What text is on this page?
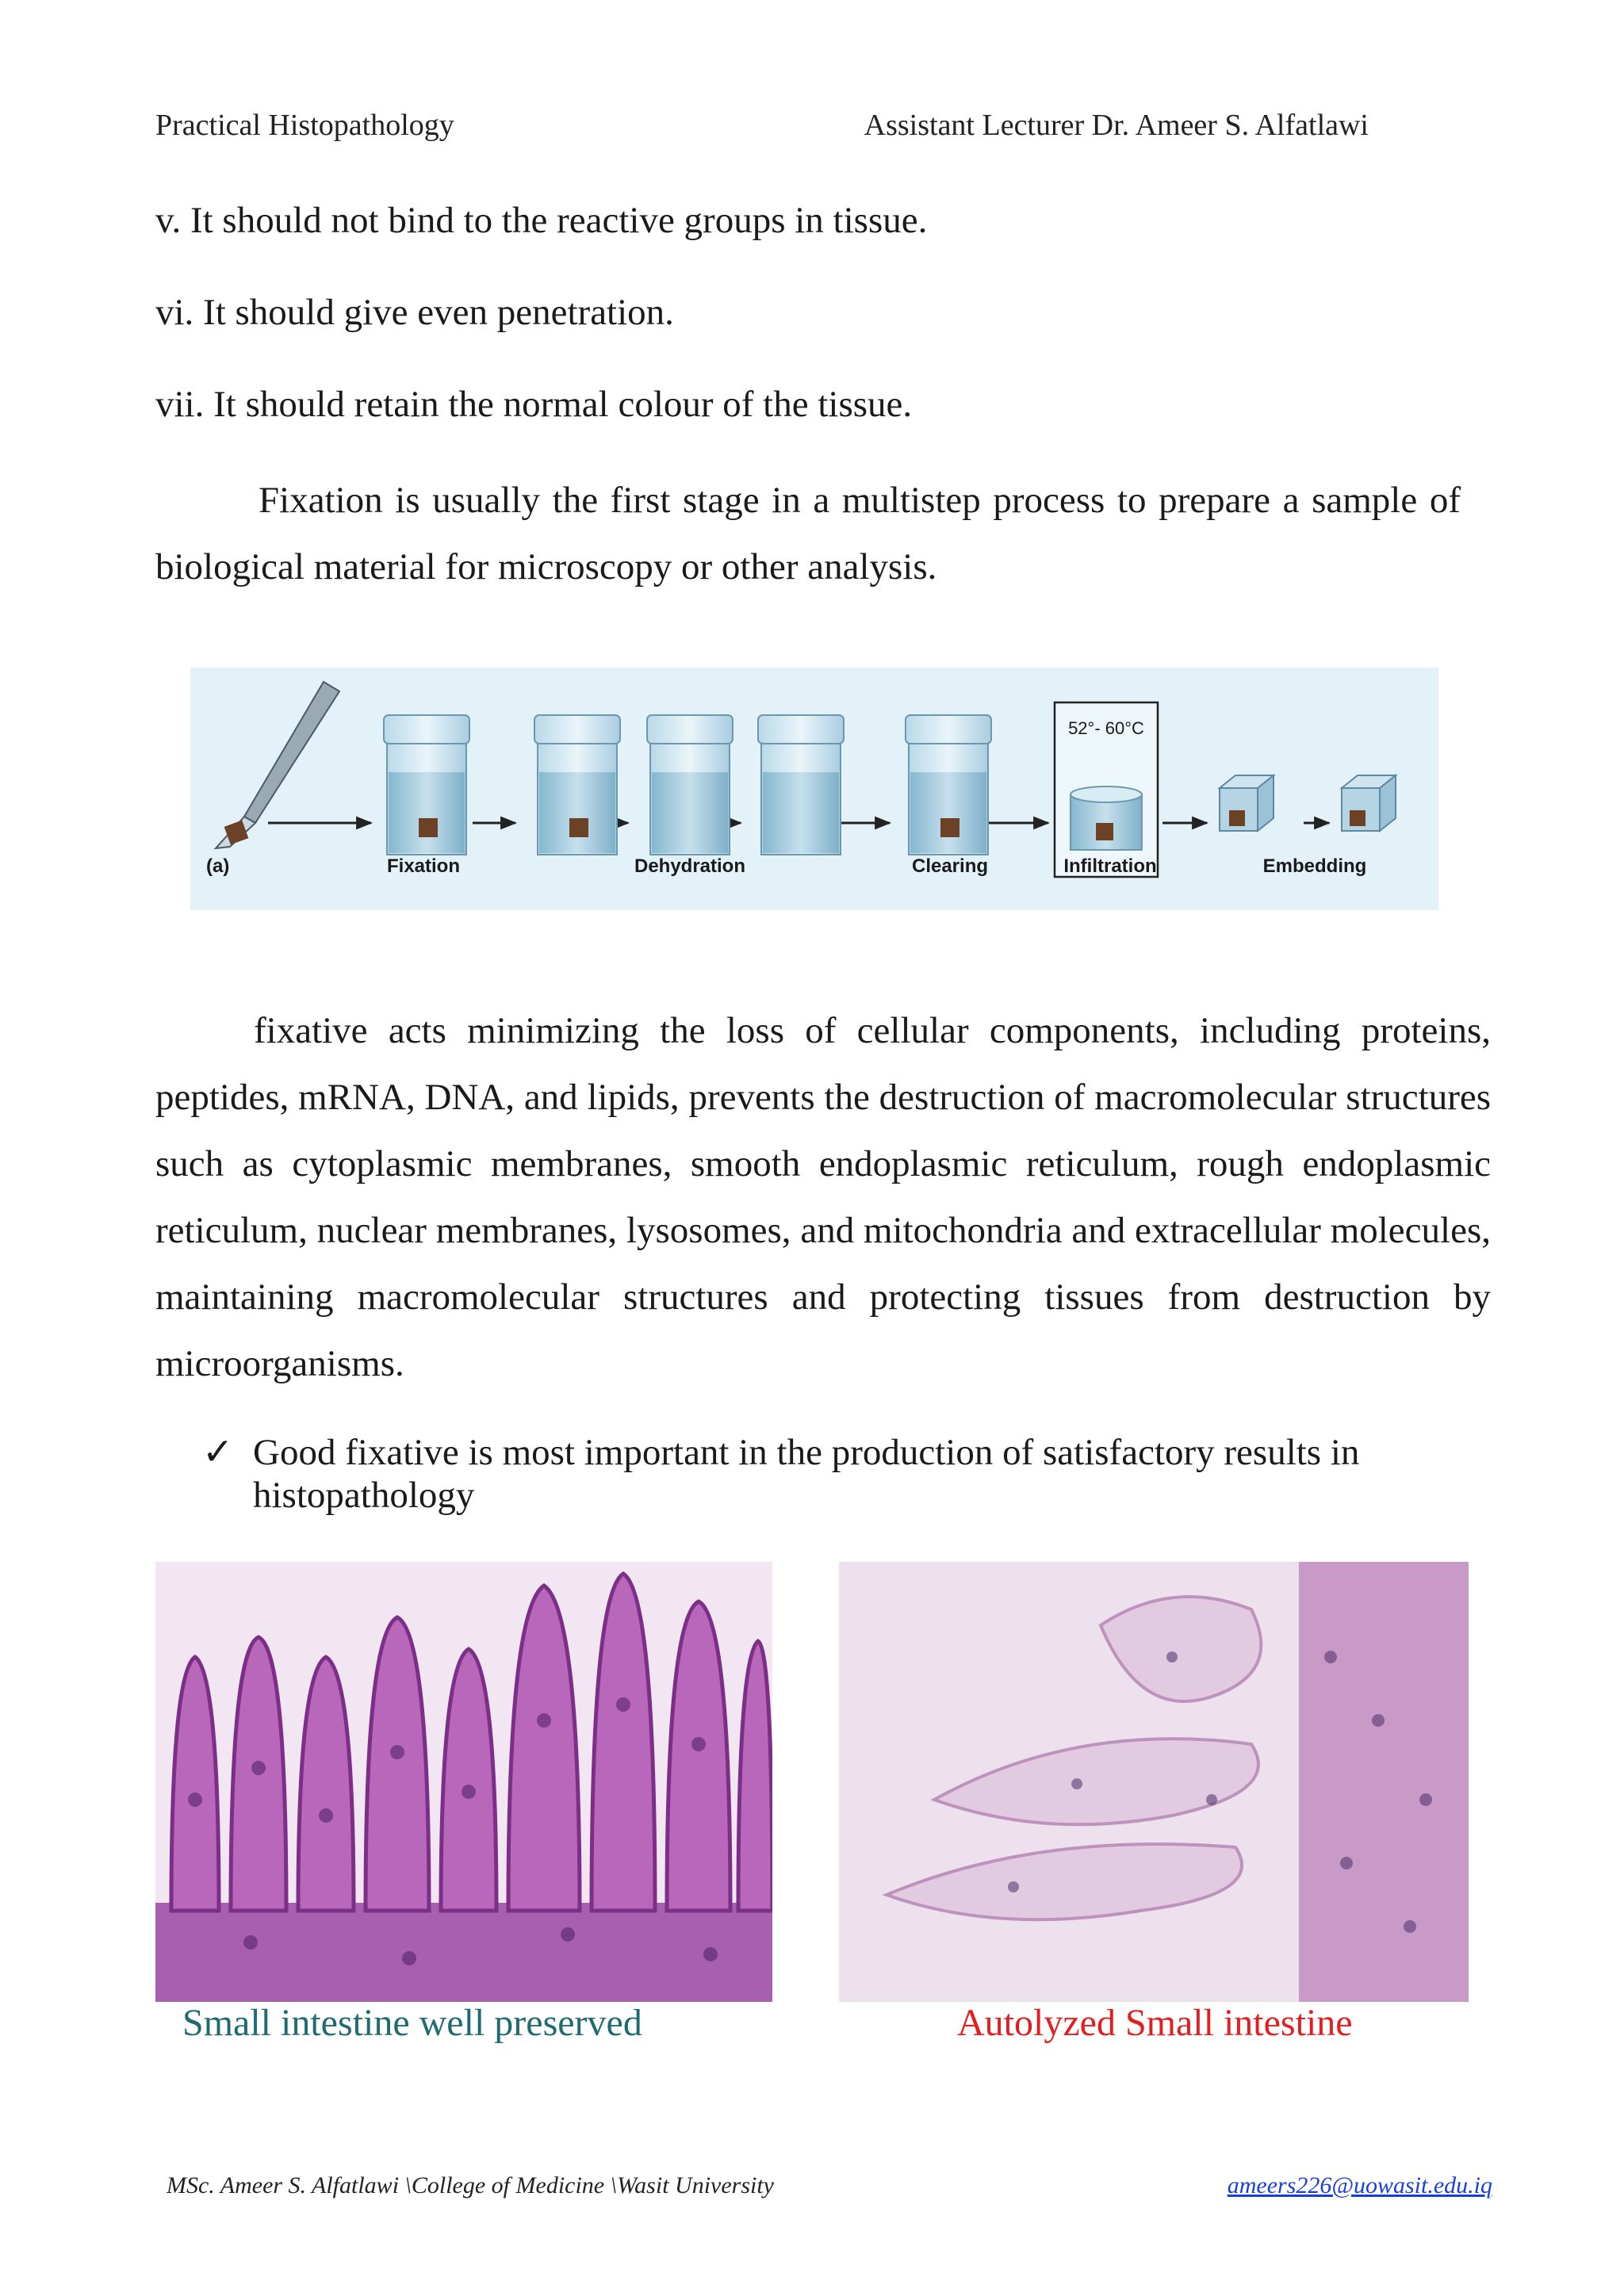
Practical Histopathology	Assistant Lecturer Dr. Ameer S. Alfatlawi

v. It should not bind to the reactive groups in tissue.

vi. It should give even penetration.

vii. It should retain the normal colour of the tissue.

Fixation is usually the first stage in a multistep process to prepare a sample of biological material for microscopy or other analysis.

(a)
52°- 60°C
Fixation	Dehydration	Clearing	Infiltration	Embedding

fixative acts minimizing the loss of cellular components, including proteins, peptides, mRNA, DNA, and lipids, prevents the destruction of macromolecular structures such as cytoplasmic membranes, smooth endoplasmic reticulum, rough endoplasmic reticulum, nuclear membranes, lysosomes, and mitochondria and extracellular molecules, maintaining macromolecular structures and protecting tissues from destruction by microorganisms.

✓ Good fixative is most important in the production of satisfactory results in histopathology
Small intestine well preserved	Autolyzed Small intestine
MSc. Ameer S. Alfatlawi \College of Medicine \Wasit University	ameers226@uowasit.edu.iq
